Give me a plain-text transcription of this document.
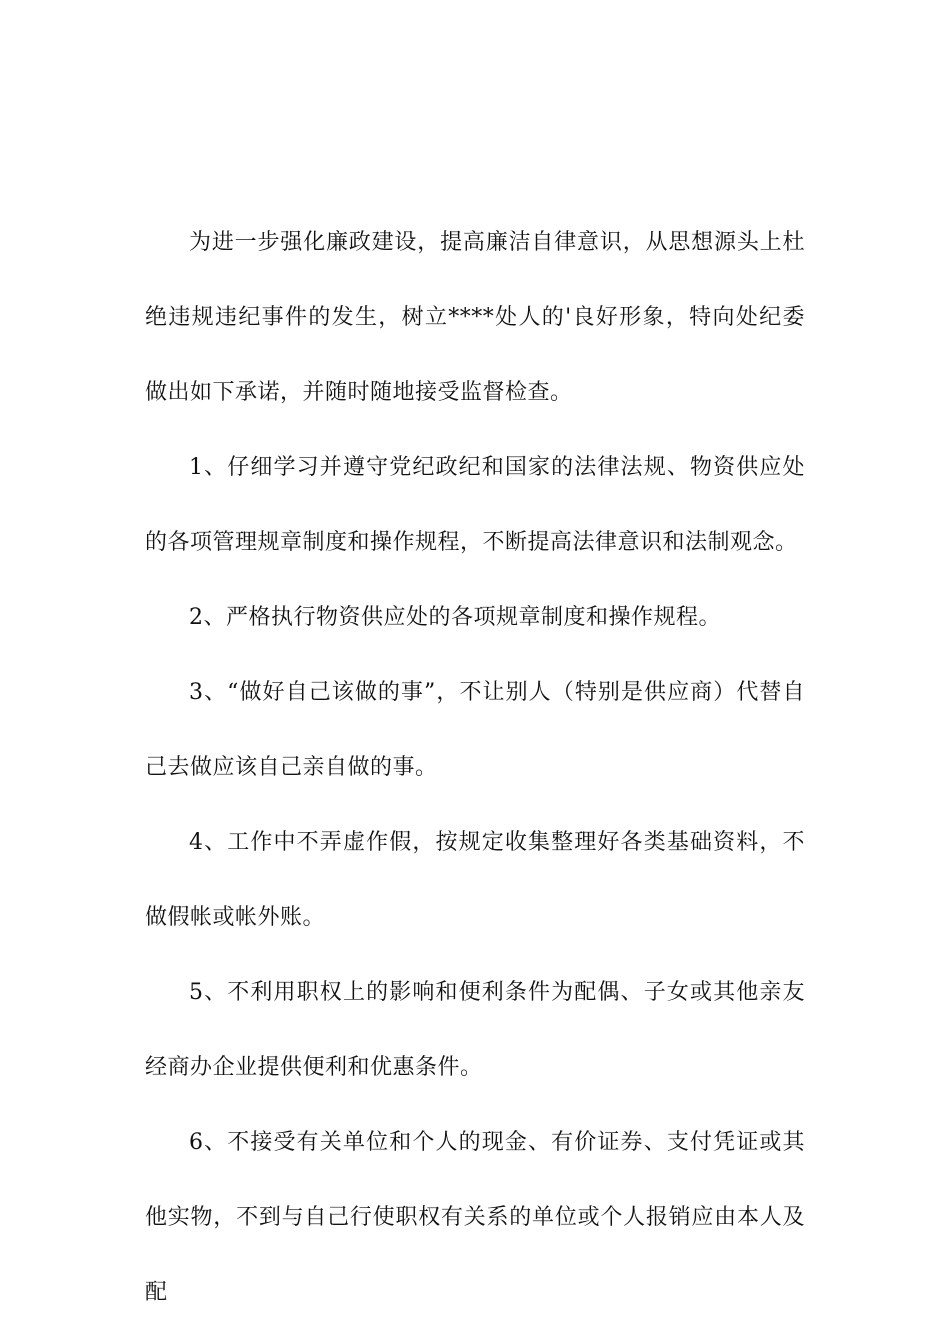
为进一步强化廉政建设，提高廉洁自律意识，从思想源头上杜绝违规违纪事件的发生，树立****处人的'良好形象，特向处纪委做出如下承诺，并随时随地接受监督检查。

1、仔细学习并遵守党纪政纪和国家的法律法规、物资供应处的各项管理规章制度和操作规程，不断提高法律意识和法制观念。

2、严格执行物资供应处的各项规章制度和操作规程。

3、“做好自己该做的事”，不让别人（特别是供应商）代替自己去做应该自己亲自做的事。

4、工作中不弄虚作假，按规定收集整理好各类基础资料，不做假帐或帐外账。

5、不利用职权上的影响和便利条件为配偶、子女或其他亲友经商办企业提供便利和优惠条件。

6、不接受有关单位和个人的现金、有价证券、支付凭证或其他实物，不到与自己行使职权有关系的单位或个人报销应由本人及配
